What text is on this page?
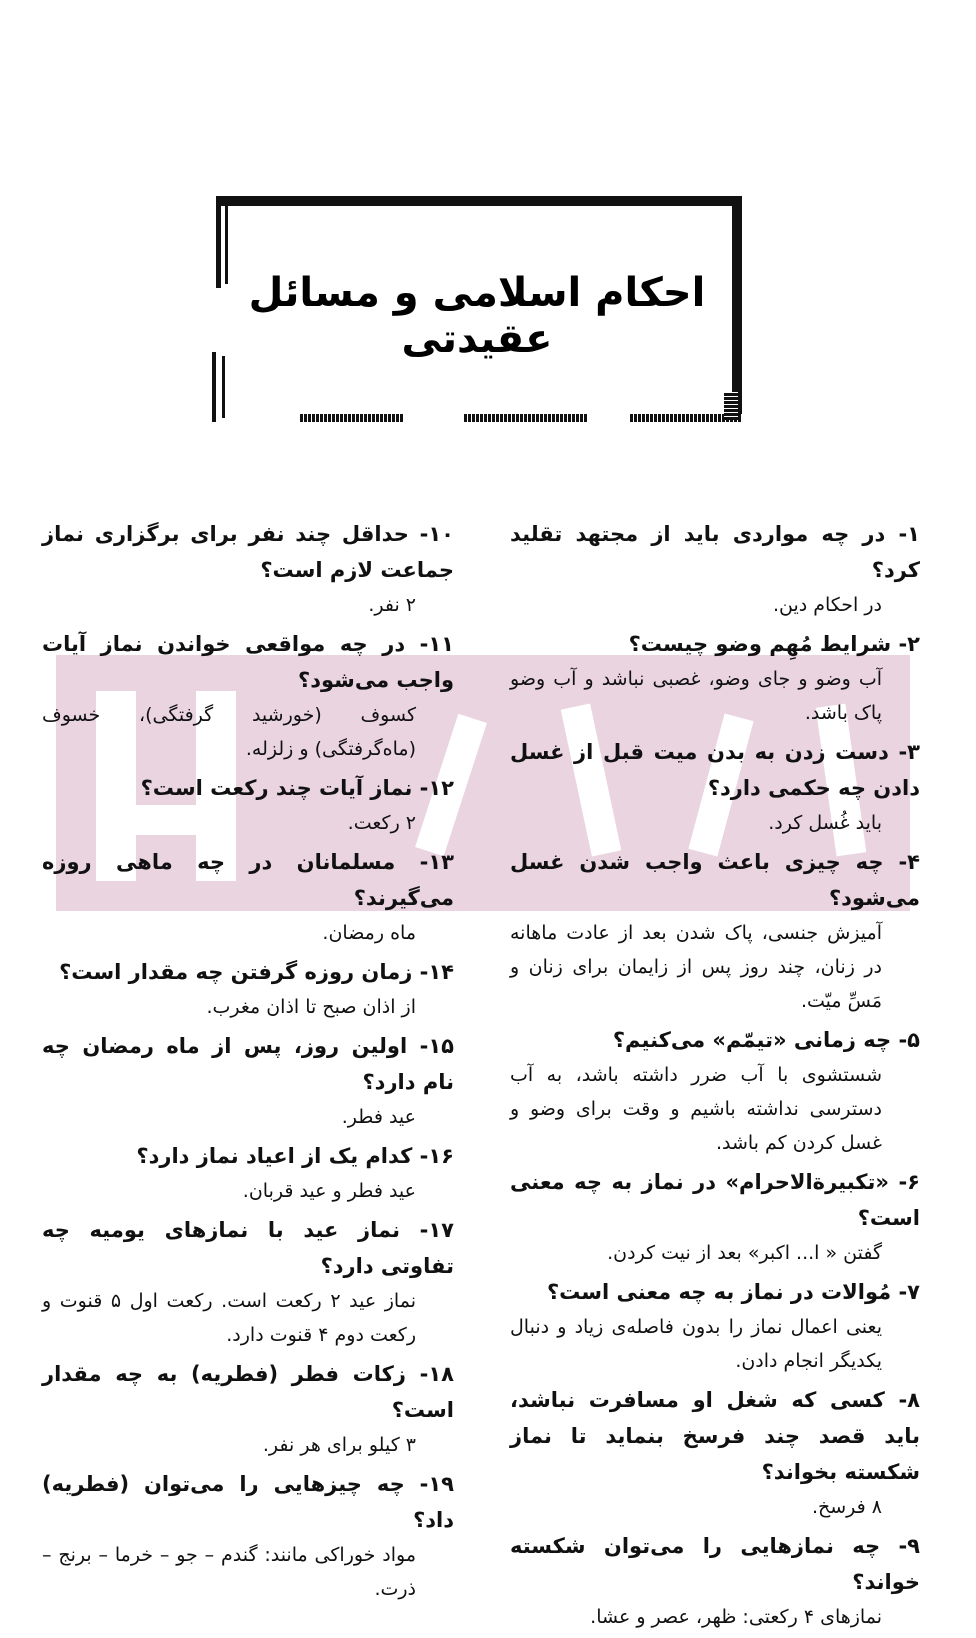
احکام اسلامی و مسائل عقیدتی

۱- در چه مواردی باید از مجتهد تقلید کرد؟

در احکام دین.

۲- شرایط مُهِم وضو چیست؟

آب وضو و جای وضو، غصبی نباشد و آب وضو پاک باشد.

۳- دست زدن به بدن میت قبل از غسل دادن چه حکمی دارد؟

باید غُسل کرد.

۴- چه چیزی باعث واجب شدن غسل می‌شود؟

آمیزش جنسی، پاک شدن بعد از عادت ماهانه در زنان، چند روز پس از زایمان برای زنان و مَسِّ میّت.

۵- چه زمانی «تیمّم» می‌کنیم؟

شستشوی با آب ضرر داشته باشد، به آب دسترسی نداشته باشیم و وقت برای وضو و غسل کردن کم باشد.

۶- «تکبیرةالاحرام» در نماز به چه معنی است؟

گفتن « ا... اکبر» بعد از نیت کردن.

۷- مُوالات در نماز به چه معنی است؟

یعنی اعمال نماز را بدون فاصله‌ی زیاد و دنبال یکدیگر انجام دادن.

۸- کسی که شغل او مسافرت نباشد، باید قصد چند فرسخ بنماید تا نماز شکسته بخواند؟

۸ فرسخ.

۹- چه نمازهایی را می‌توان شکسته خواند؟

نمازهای ۴ رکعتی: ظهر، عصر و عشا.

۱۰- حداقل چند نفر برای برگزاری نماز جماعت لازم است؟

۲ نفر.

۱۱- در چه مواقعی خواندن نماز آیات واجب می‌شود؟

کسوف (خورشید گرفتگی)، خسوف (ماه‌گرفتگی) و زلزله.

۱۲- نماز آیات چند رکعت است؟

۲ رکعت.

۱۳- مسلمانان در چه ماهی روزه می‌گیرند؟

ماه رمضان.

۱۴- زمان روزه گرفتن چه مقدار است؟

از اذان صبح تا اذان مغرب.

۱۵- اولین روز، پس از ماه رمضان چه نام دارد؟

عید فطر.

۱۶- کدام یک از اعیاد نماز دارد؟

عید فطر و عید قربان.

۱۷- نماز عید با نمازهای یومیه چه تفاوتی دارد؟

نماز عید ۲ رکعت است. رکعت اول ۵ قنوت و رکعت دوم ۴ قنوت دارد.

۱۸- زکات فطر (فطریه) به چه مقدار است؟

۳ کیلو برای هر نفر.

۱۹- چه چیزهایی را می‌توان (فطریه) داد؟

مواد خوراکی مانند: گندم – جو – خرما – برنج – ذرت.
